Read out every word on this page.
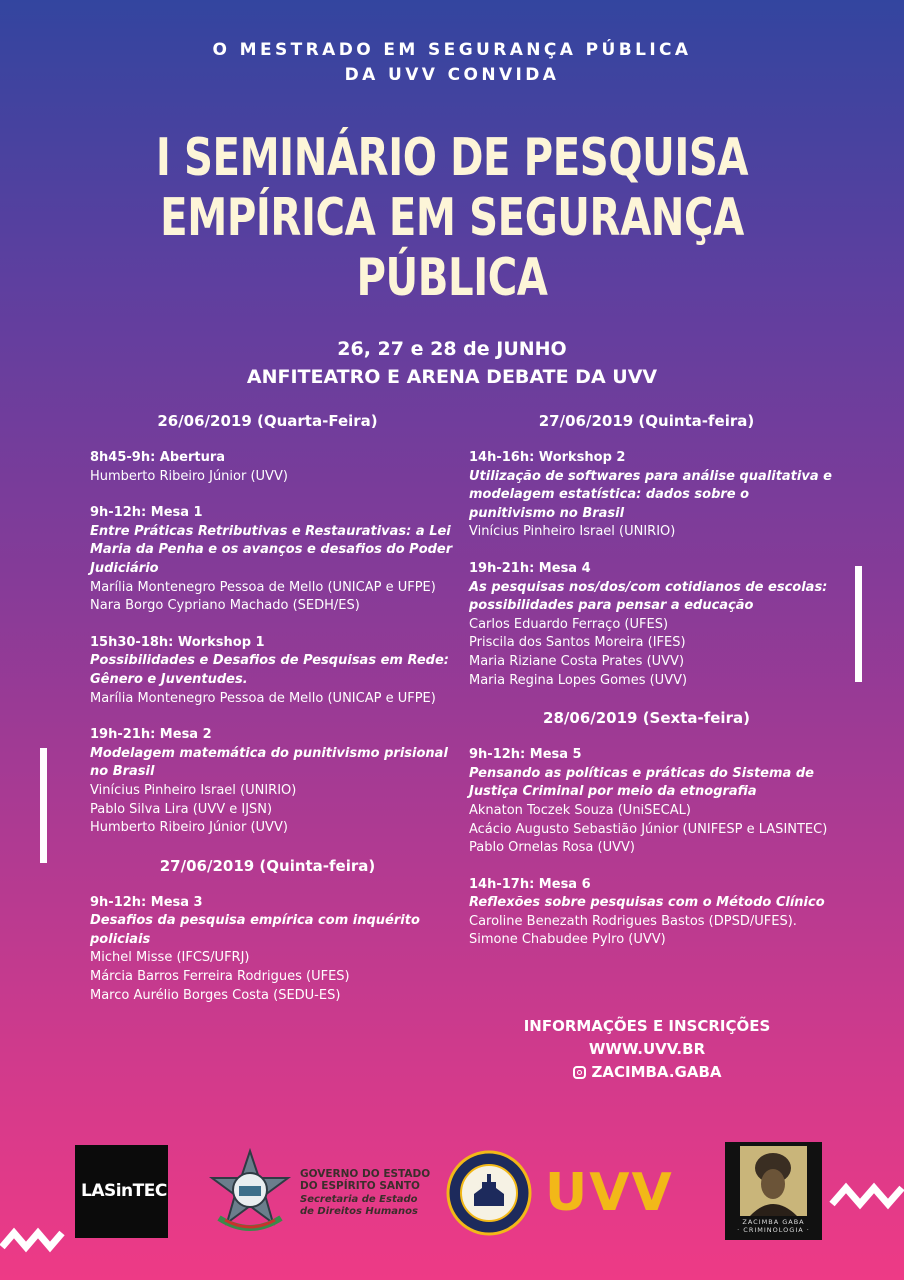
O MESTRADO EM SEGURANÇA PÚBLICA
DA UVV CONVIDA
I SEMINÁRIO DE PESQUISA
EMPÍRICA EM SEGURANÇA
PÚBLICA
26, 27 e 28 de JUNHO
ANFITEATRO E ARENA DEBATE DA UVV
26/06/2019 (Quarta-Feira)
8h45-9h: Abertura
Humberto Ribeiro Júnior (UVV)
9h-12h: Mesa 1
Entre Práticas Retributivas e Restaurativas: a Lei Maria da Penha e os avanços e desafios do Poder Judiciário
Marília Montenegro Pessoa de Mello (UNICAP e UFPE)
Nara Borgo Cypriano Machado (SEDH/ES)
15h30-18h: Workshop 1
Possibilidades e Desafios de Pesquisas em Rede: Gênero e Juventudes.
Marília Montenegro Pessoa de Mello (UNICAP e UFPE)
19h-21h: Mesa 2
Modelagem matemática do punitivismo prisional no Brasil
Vinícius Pinheiro Israel (UNIRIO)
Pablo Silva Lira (UVV e IJSN)
Humberto Ribeiro Júnior (UVV)
27/06/2019 (Quinta-feira)
9h-12h: Mesa 3
Desafios da pesquisa empírica com inquérito policiais
Michel Misse (IFCS/UFRJ)
Márcia Barros Ferreira Rodrigues (UFES)
Marco Aurélio Borges Costa (SEDU-ES)
27/06/2019 (Quinta-feira)
14h-16h: Workshop 2
Utilização de softwares para análise qualitativa e modelagem estatística: dados sobre o punitivismo no Brasil
Vinícius Pinheiro Israel (UNIRIO)
19h-21h: Mesa 4
As pesquisas nos/dos/com cotidianos de escolas: possibilidades para pensar a educação
Carlos Eduardo Ferraço (UFES)
Priscila dos Santos Moreira (IFES)
Maria Riziane Costa Prates (UVV)
Maria Regina Lopes Gomes (UVV)
28/06/2019 (Sexta-feira)
9h-12h: Mesa 5
Pensando as políticas e práticas do Sistema de Justiça Criminal por meio da etnografia
Aknaton Toczek Souza (UniSECAL)
Acácio Augusto Sebastião Júnior (UNIFESP e LASINTEC)
Pablo Ornelas Rosa (UVV)
14h-17h: Mesa 6
Reflexões sobre pesquisas com o Método Clínico
Caroline Benezath Rodrigues Bastos (DPSD/UFES).
Simone Chabudee Pylro (UVV)
INFORMAÇÕES E INSCRIÇÕES
WWW.UVV.BR
ZACIMBA.GABA
LASinTEC
GOVERNO DO ESTADO
DO ESPÍRITO SANTO
Secretaria de Estado
de Direitos Humanos	UVV	ZACIMBA GABA
· CRIMINOLOGIA ·
